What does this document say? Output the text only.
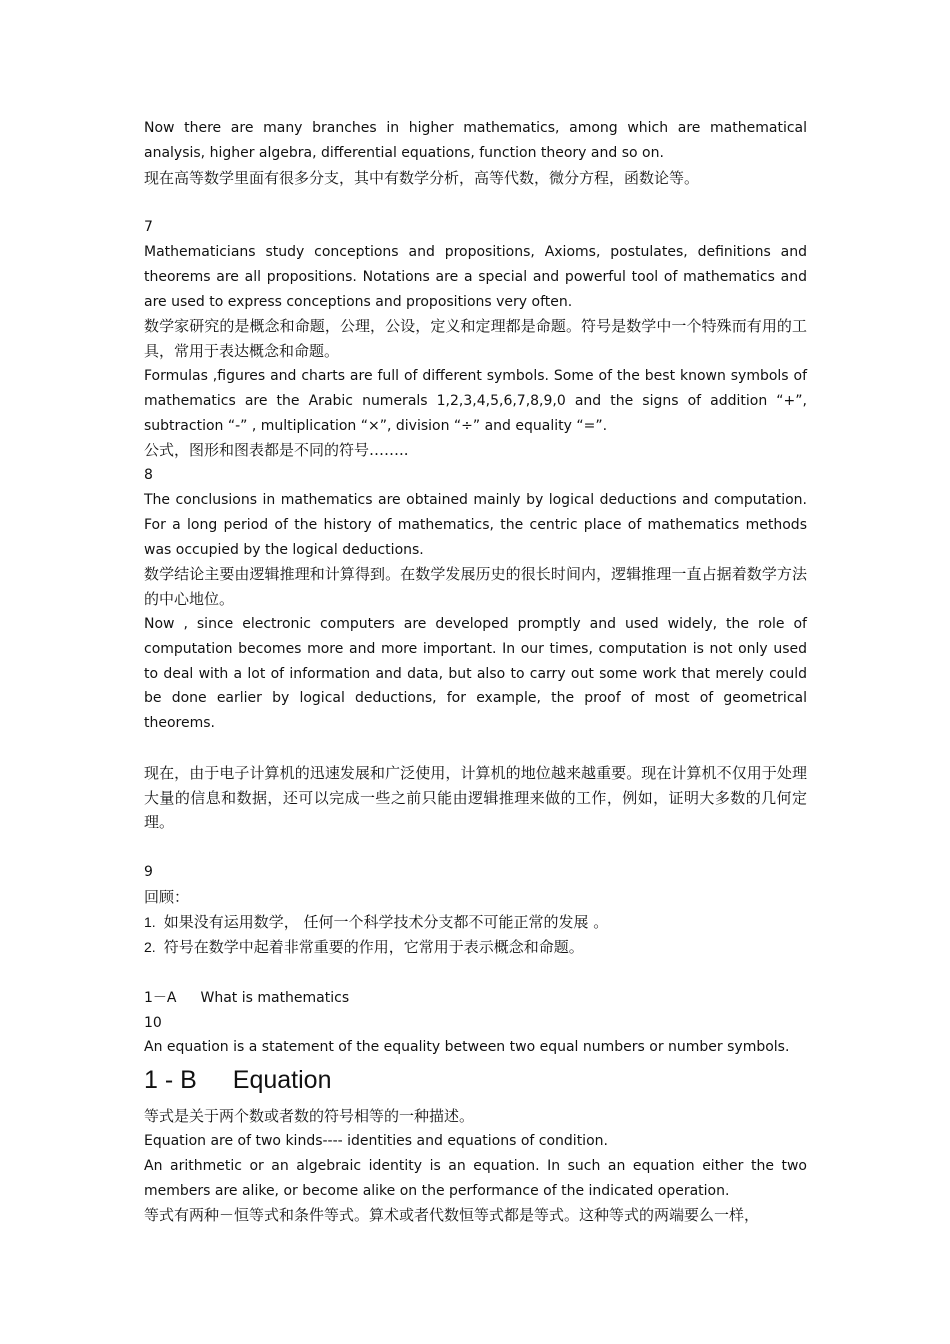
Now there are many branches in higher mathematics, among which are mathematical analysis, higher algebra, differential equations, function theory and so on.

现在高等数学里面有很多分支，其中有数学分析，高等代数，微分方程，函数论等。

7

Mathematicians study conceptions and propositions, Axioms, postulates, definitions and theorems are all propositions. Notations are a special and powerful tool of mathematics and are used to express conceptions and propositions very often.

数学家研究的是概念和命题，公理，公设，定义和定理都是命题。符号是数学中一个特殊而有用的工具，常用于表达概念和命题。

Formulas ,figures and charts are full of different symbols. Some of the best known symbols of mathematics are the Arabic numerals 1,2,3,4,5,6,7,8,9,0 and the signs of addition “+”, subtraction “-” , multiplication “×”, division “÷” and equality “=”.

公式，图形和图表都是不同的符号……..

8

The conclusions in mathematics are obtained mainly by logical deductions and computation. For a long period of the history of mathematics, the centric place of mathematics methods was occupied by the logical deductions.

数学结论主要由逻辑推理和计算得到。在数学发展历史的很长时间内，逻辑推理一直占据着数学方法的中心地位。

Now , since electronic computers are developed promptly and used widely, the role of computation becomes more and more important. In our times, computation is not only used to deal with a lot of information and data, but also to carry out some work that merely could be done earlier by logical deductions, for example, the proof of most of geometrical theorems.

现在，由于电子计算机的迅速发展和广泛使用，计算机的地位越来越重要。现在计算机不仅用于处理大量的信息和数据，还可以完成一些之前只能由逻辑推理来做的工作，例如，证明大多数的几何定理。

9

回顾：

1. 如果没有运用数学， 任何一个科学技术分支都不可能正常的发展 。

2. 符号在数学中起着非常重要的作用，它常用于表示概念和命题。

1－A What is mathematics

10

An equation is a statement of the equality between two equal numbers or number symbols.

1 - B Equation

等式是关于两个数或者数的符号相等的一种描述。

Equation are of two kinds---- identities and equations of condition.

An arithmetic or an algebraic identity is an equation. In such an equation either the two members are alike, or become alike on the performance of the indicated operation.

等式有两种－恒等式和条件等式。算术或者代数恒等式都是等式。这种等式的两端要么一样，
